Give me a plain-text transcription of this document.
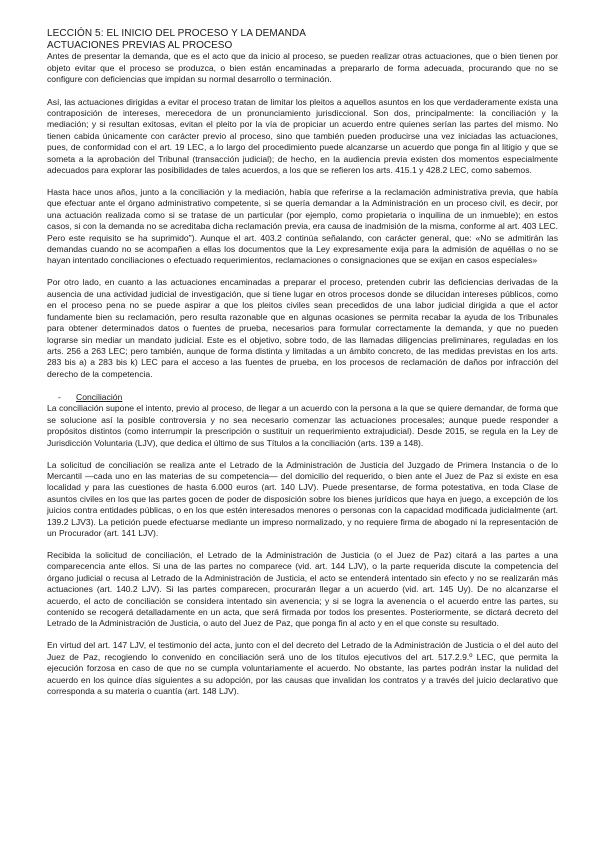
LECCIÓN 5: EL INICIO DEL PROCESO Y LA DEMANDA
ACTUACIONES PREVIAS AL PROCESO

Antes de presentar la demanda, que es el acto que da inicio al proceso, se pueden realizar otras actuaciones, que o bien tienen por objeto evitar que el proceso se produzca, o bien están encaminadas a prepararlo de forma adecuada, procurando que no se configure con deficiencias que impidan su normal desarrollo o terminación.

Así, las actuaciones dirigidas a evitar el proceso tratan de limitar los pleitos a aquellos asuntos en los que verdaderamente exista una contraposición de intereses, merecedora de un pronunciamiento jurisdiccional. Son dos, principalmente: la conciliación y la mediación; y si resultan exitosas, evitan el pleito por la vía de propiciar un acuerdo entre quienes serían las partes del mismo. No tienen cabida únicamente con carácter previo al proceso, sino que también pueden producirse una vez iniciadas las actuaciones, pues, de conformidad con el art. 19 LEC, a lo largo del procedimiento puede alcanzarse un acuerdo que ponga fin al litigio y que se someta a la aprobación del Tribunal (transacción judicial); de hecho, en la audiencia previa existen dos momentos especialmente adecuados para explorar las posibilidades de tales acuerdos, a los que se refieren los arts. 415.1 y 428.2 LEC, como sabemos.

Hasta hace unos años, junto a la conciliación y la mediación, había que referirse a la reclamación administrativa previa, que había que efectuar ante el órgano administrativo competente, si se quería demandar a la Administración en un proceso civil, es decir, por una actuación realizada como si se tratase de un particular (por ejemplo, como propietaria o inquilina de un inmueble); en estos casos, si con la demanda no se acreditaba dicha reclamación previa, era causa de inadmisión de la misma, conforme al art. 403 LEC. Pero este requisito se ha suprimido"). Aunque el art. 403.2 continúa señalando, con carácter general, que: «No se admitirán las demandas cuando no se acompañen a ellas los documentos que la Ley expresamente exija para la admisión de aquéllas o no se hayan intentado conciliaciones o efectuado requerimientos, reclamaciones o consignaciones que se exijan en casos especiales»

Por otro lado, en cuanto a las actuaciones encaminadas a preparar el proceso, pretenden cubrir las deficiencias derivadas de la ausencia de una actividad judicial de investigación, que si tiene lugar en otros procesos donde se dilucidan intereses públicos, como en el proceso pena no se puede aspirar a que los pleitos civiles sean precedidos de una labor judicial dirigida a que el actor fundamente bien su reclamación, pero resulta razonable que en algunas ocasiones se permita recabar la ayuda de los Tribunales para obtener determinados datos o fuentes de prueba, necesarios para formular correctamente la demanda, y que no pueden lograrse sin mediar un mandato judicial. Este es el objetivo, sobre todo, de las llamadas diligencias preliminares, reguladas en los arts. 256 a 263 LEC; pero también, aunque de forma distinta y limitadas a un ámbito concreto, de las medidas previstas en los arts. 283 bis a) a 283 bis k) LEC para el acceso a las fuentes de prueba, en los procesos de reclamación de daños por infracción del derecho de la competencia.

-	Conciliación

La conciliación supone el intento, previo al proceso, de llegar a un acuerdo con la persona a la que se quiere demandar, de forma que se solucione así la posible controversia y no sea necesario comenzar las actuaciones procesales; aunque puede responder a propósitos distintos (como interrumpir la prescripción o sustituir un requerimiento extrajudicial). Desde 2015, se regula en la Ley de Jurisdicción Voluntaria (LJV), que dedica el último de sus Títulos a la conciliación (arts. 139 a 148).

La solicitud de conciliación se realiza ante el Letrado de la Administración de Justicia del Juzgado de Primera Instancia o de lo Mercantil —cada uno en las materias de su competencia— del domicilio del requerido, o bien ante el Juez de Paz si existe en esa localidad y para las cuestiones de hasta 6.000 euros (art. 140 LJV). Puede presentarse, de forma potestativa, en toda Clase de asuntos civiles en los que las partes gocen de poder de disposición sobre los bienes jurídicos que haya en juego, a excepción de los juicios contra entidades públicas, o en los que estén interesados menores o personas con la capacidad modificada judicialmente (art. 139.2 LJV3). La petición puede efectuarse mediante un impreso normalizado, y no requiere firma de abogado ni la representación de un Procurador (art. 141 LJV).

Recibida la solicitud de conciliación, el Letrado de la Administración de Justicia (o el Juez de Paz) citará a las partes a una comparecencia ante ellos. Si una de las partes no comparece (vid. art. 144 LJV), o la parte requerida discute la competencia del órgano judicial o recusa al Letrado de la Administración de Justicia, el acto se entenderá intentado sin efecto y no se realizarán más actuaciones (art. 140.2 LJV). Si las partes comparecen, procurarán llegar a un acuerdo (vid. art. 145 Uy). De no alcanzarse el acuerdo, el acto de conciliación se considera intentado sin avenencia; y si se logra la avenencia o el acuerdo entre las partes, su contenido se recogerá detalladamente en un acta, que será firmada por todos los presentes. Posteriormente, se dictará decreto del Letrado de la Administración de Justicia, o auto del Juez de Paz, que ponga fin al acto y en el que conste su resultado.

En virtud del art. 147 LJV, el testimonio del acta, junto con el del decreto del Letrado de la Administración de Justicia o el del auto del Juez de Paz, recogiendo lo convenido en conciliación será uno de los títulos ejecutivos del art. 517.2.9.º LEC, que permita la ejecución forzosa en caso de que no se cumpla voluntariamente el acuerdo. No obstante, las partes podrán instar la nulidad del acuerdo en los quince días siguientes a su adopción, por las causas que invalidan los contratos y a través del juicio declarativo que corresponda a su materia o cuantía (art. 148 LJV).
